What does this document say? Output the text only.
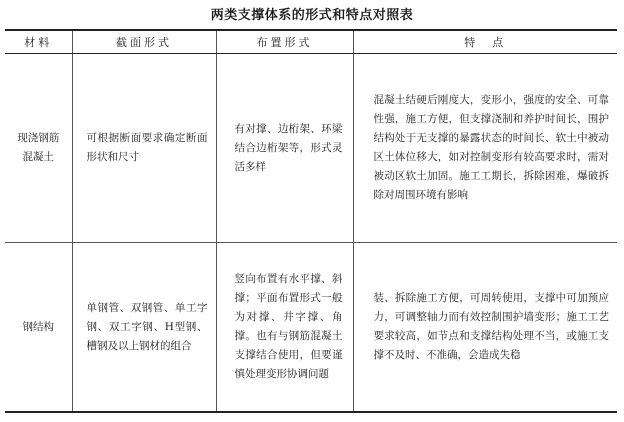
两类支撑体系的形式和特点对照表
材料	截面形式	布置形式	特　点

现浇钢筋
混凝土	可根据断面要求确定断面形状和尺寸	有对撑、边桁架、环梁结合边桁架等，形式灵活多样	混凝土结硬后刚度大，变形小，强度的安全、可靠性强，施工方便，但支撑浇制和养护时间长，围护结构处于无支撑的暴露状态的时间长、软土中被动区土体位移大，如对控制变形有较高要求时，需对被动区软土加固。施工工期长，拆除困难，爆破拆除对周围环境有影响

钢结构	单钢管、双钢管、单工字钢、双工字钢、H型钢、槽钢及以上钢材的组合	竖向布置有水平撑、斜撑；平面布置形式一般为对撑、井字撑、角撑。也有与钢筋混凝土支撑结合使用，但要谨慎处理变形协调问题	装、拆除施工方便，可周转使用，支撑中可加预应力，可调整轴力而有效控制围护墙变形；施工工艺要求较高，如节点和支撑结构处理不当，或施工支撑不及时、不准确，会造成失稳
